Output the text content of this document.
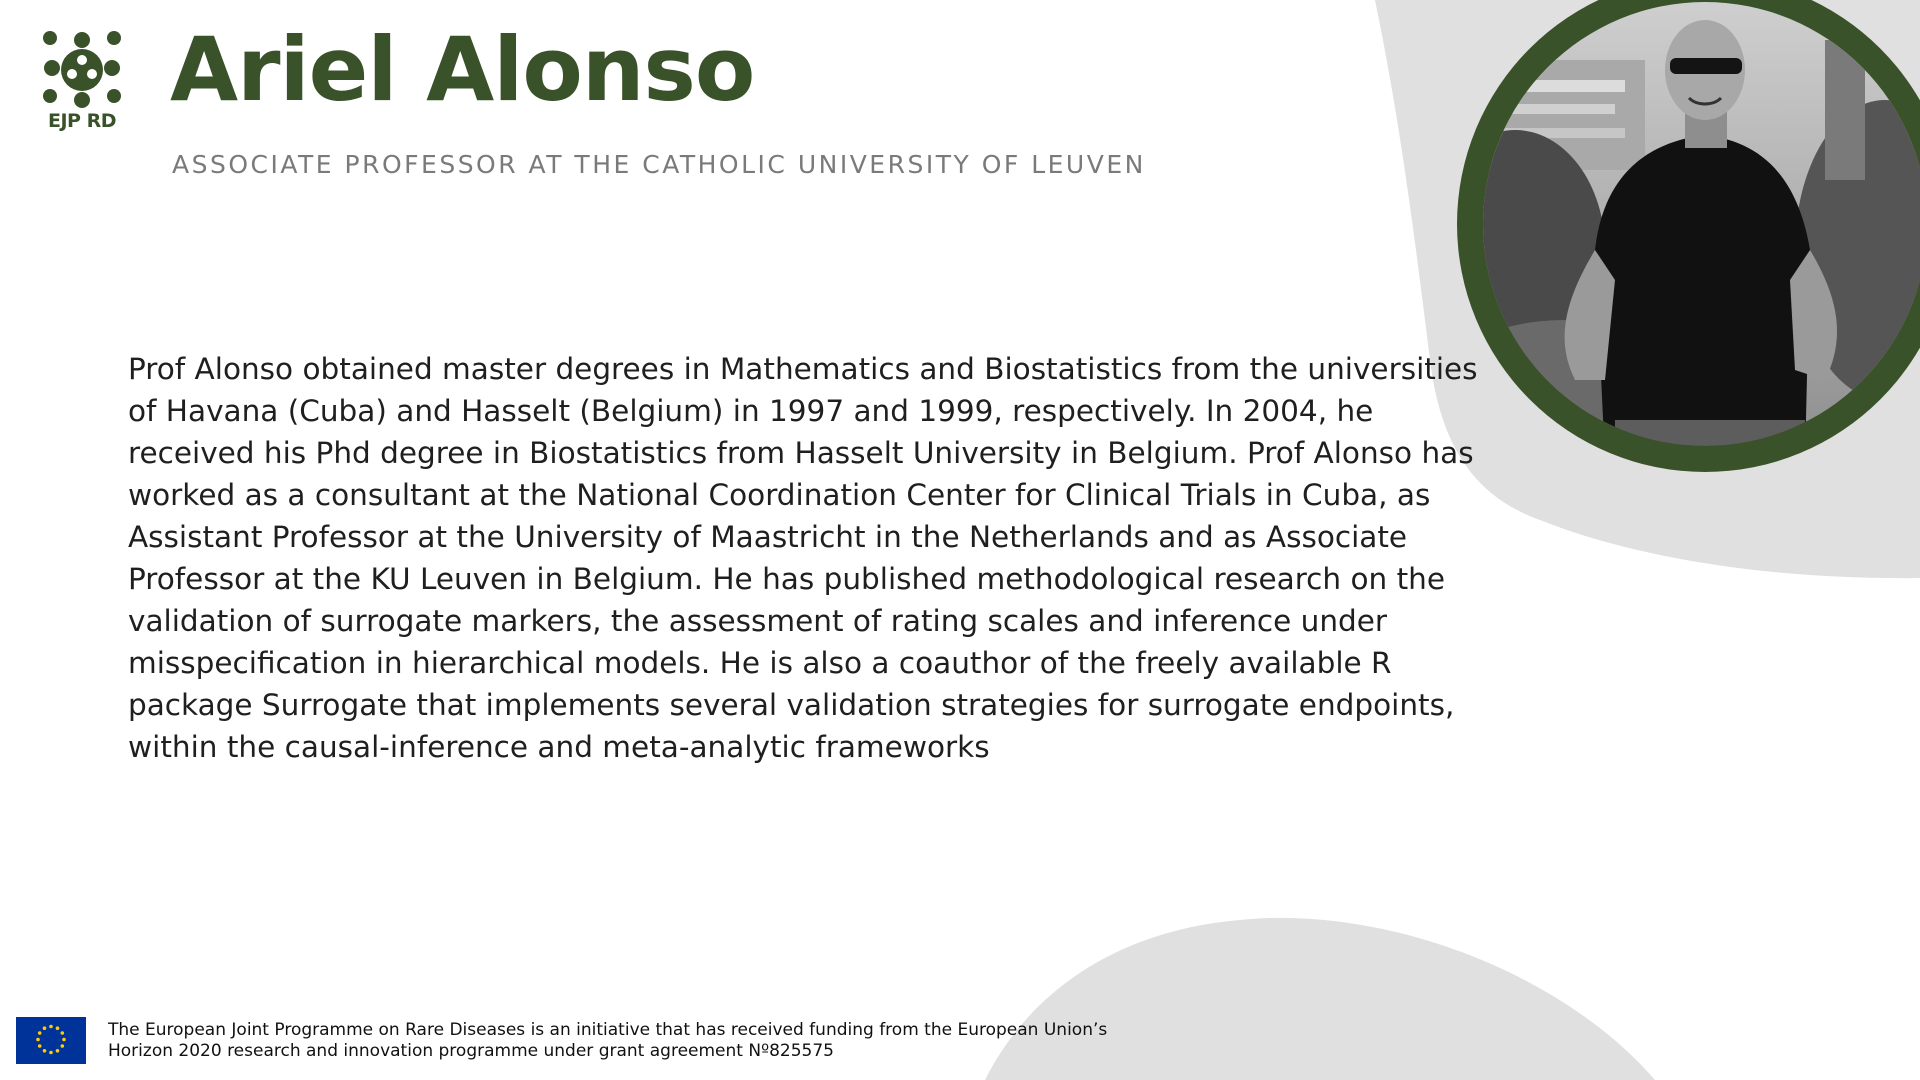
EJP RD Ariel Alonso
ASSOCIATE PROFESSOR AT THE CATHOLIC UNIVERSITY OF LEUVEN

Prof Alonso obtained master degrees in Mathematics and Biostatistics from the universities of Havana (Cuba) and Hasselt (Belgium) in 1997 and 1999, respectively. In 2004, he received his Phd degree in Biostatistics from Hasselt University in Belgium. Prof Alonso has worked as a consultant at the National Coordination Center for Clinical Trials in Cuba, as Assistant Professor at the University of Maastricht in the Netherlands and as Associate Professor at the KU Leuven in Belgium. He has published methodological research on the validation of surrogate markers, the assessment of rating scales and inference under misspecification in hierarchical models. He is also a coauthor of the freely available R package Surrogate that implements several validation strategies for surrogate endpoints, within the causal-inference and meta-analytic frameworks

The European Joint Programme on Rare Diseases is an initiative that has received funding from the European Union’s
Horizon 2020 research and innovation programme under grant agreement Nº825575
